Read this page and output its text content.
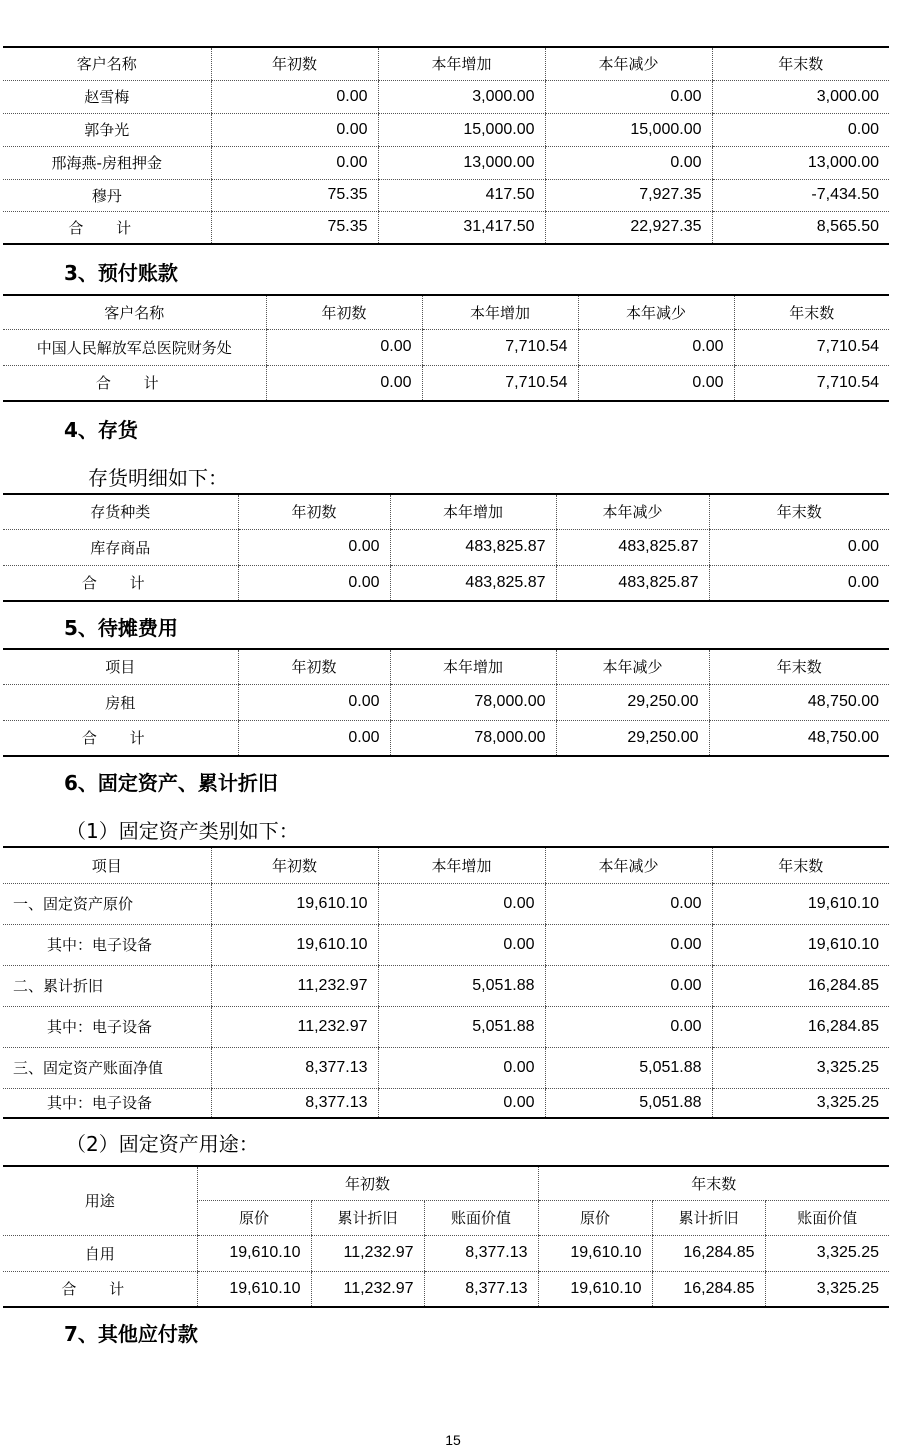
客户名称	年初数	本年增加	本年减少	年末数
赵雪梅	0.00	3,000.00	0.00	3,000.00
郭争光	0.00	15,000.00	15,000.00	0.00
邢海燕-房租押金	0.00	13,000.00	0.00	13,000.00
穆丹	75.35	417.50	7,927.35	-7,434.50
合 计	75.35	31,417.50	22,927.35	8,565.50

3、预付账款

客户名称	年初数	本年增加	本年减少	年末数
中国人民解放军总医院财务处	0.00	7,710.54	0.00	7,710.54
合 计	0.00	7,710.54	0.00	7,710.54

4、存货

存货明细如下：

存货种类	年初数	本年增加	本年减少	年末数
库存商品	0.00	483,825.87	483,825.87	0.00
合 计	0.00	483,825.87	483,825.87	0.00

5、待摊费用

项目	年初数	本年增加	本年减少	年末数
房租	0.00	78,000.00	29,250.00	48,750.00
合 计	0.00	78,000.00	29,250.00	48,750.00

6、固定资产、累计折旧

（1）固定资产类别如下：

项目	年初数	本年增加	本年减少	年末数
一、固定资产原价	19,610.10	0.00	0.00	19,610.10
其中：电子设备	19,610.10	0.00	0.00	19,610.10
二、累计折旧	11,232.97	5,051.88	0.00	16,284.85
其中：电子设备	11,232.97	5,051.88	0.00	16,284.85
三、固定资产账面净值	8,377.13	0.00	5,051.88	3,325.25
其中：电子设备	8,377.13	0.00	5,051.88	3,325.25

（2）固定资产用途：

用途	年初数			年末数		
	原价	累计折旧	账面价值	原价	累计折旧	账面价值
自用	19,610.10	11,232.97	8,377.13	19,610.10	16,284.85	3,325.25
合 计	19,610.10	11,232.97	8,377.13	19,610.10	16,284.85	3,325.25

7、其他应付款

15
